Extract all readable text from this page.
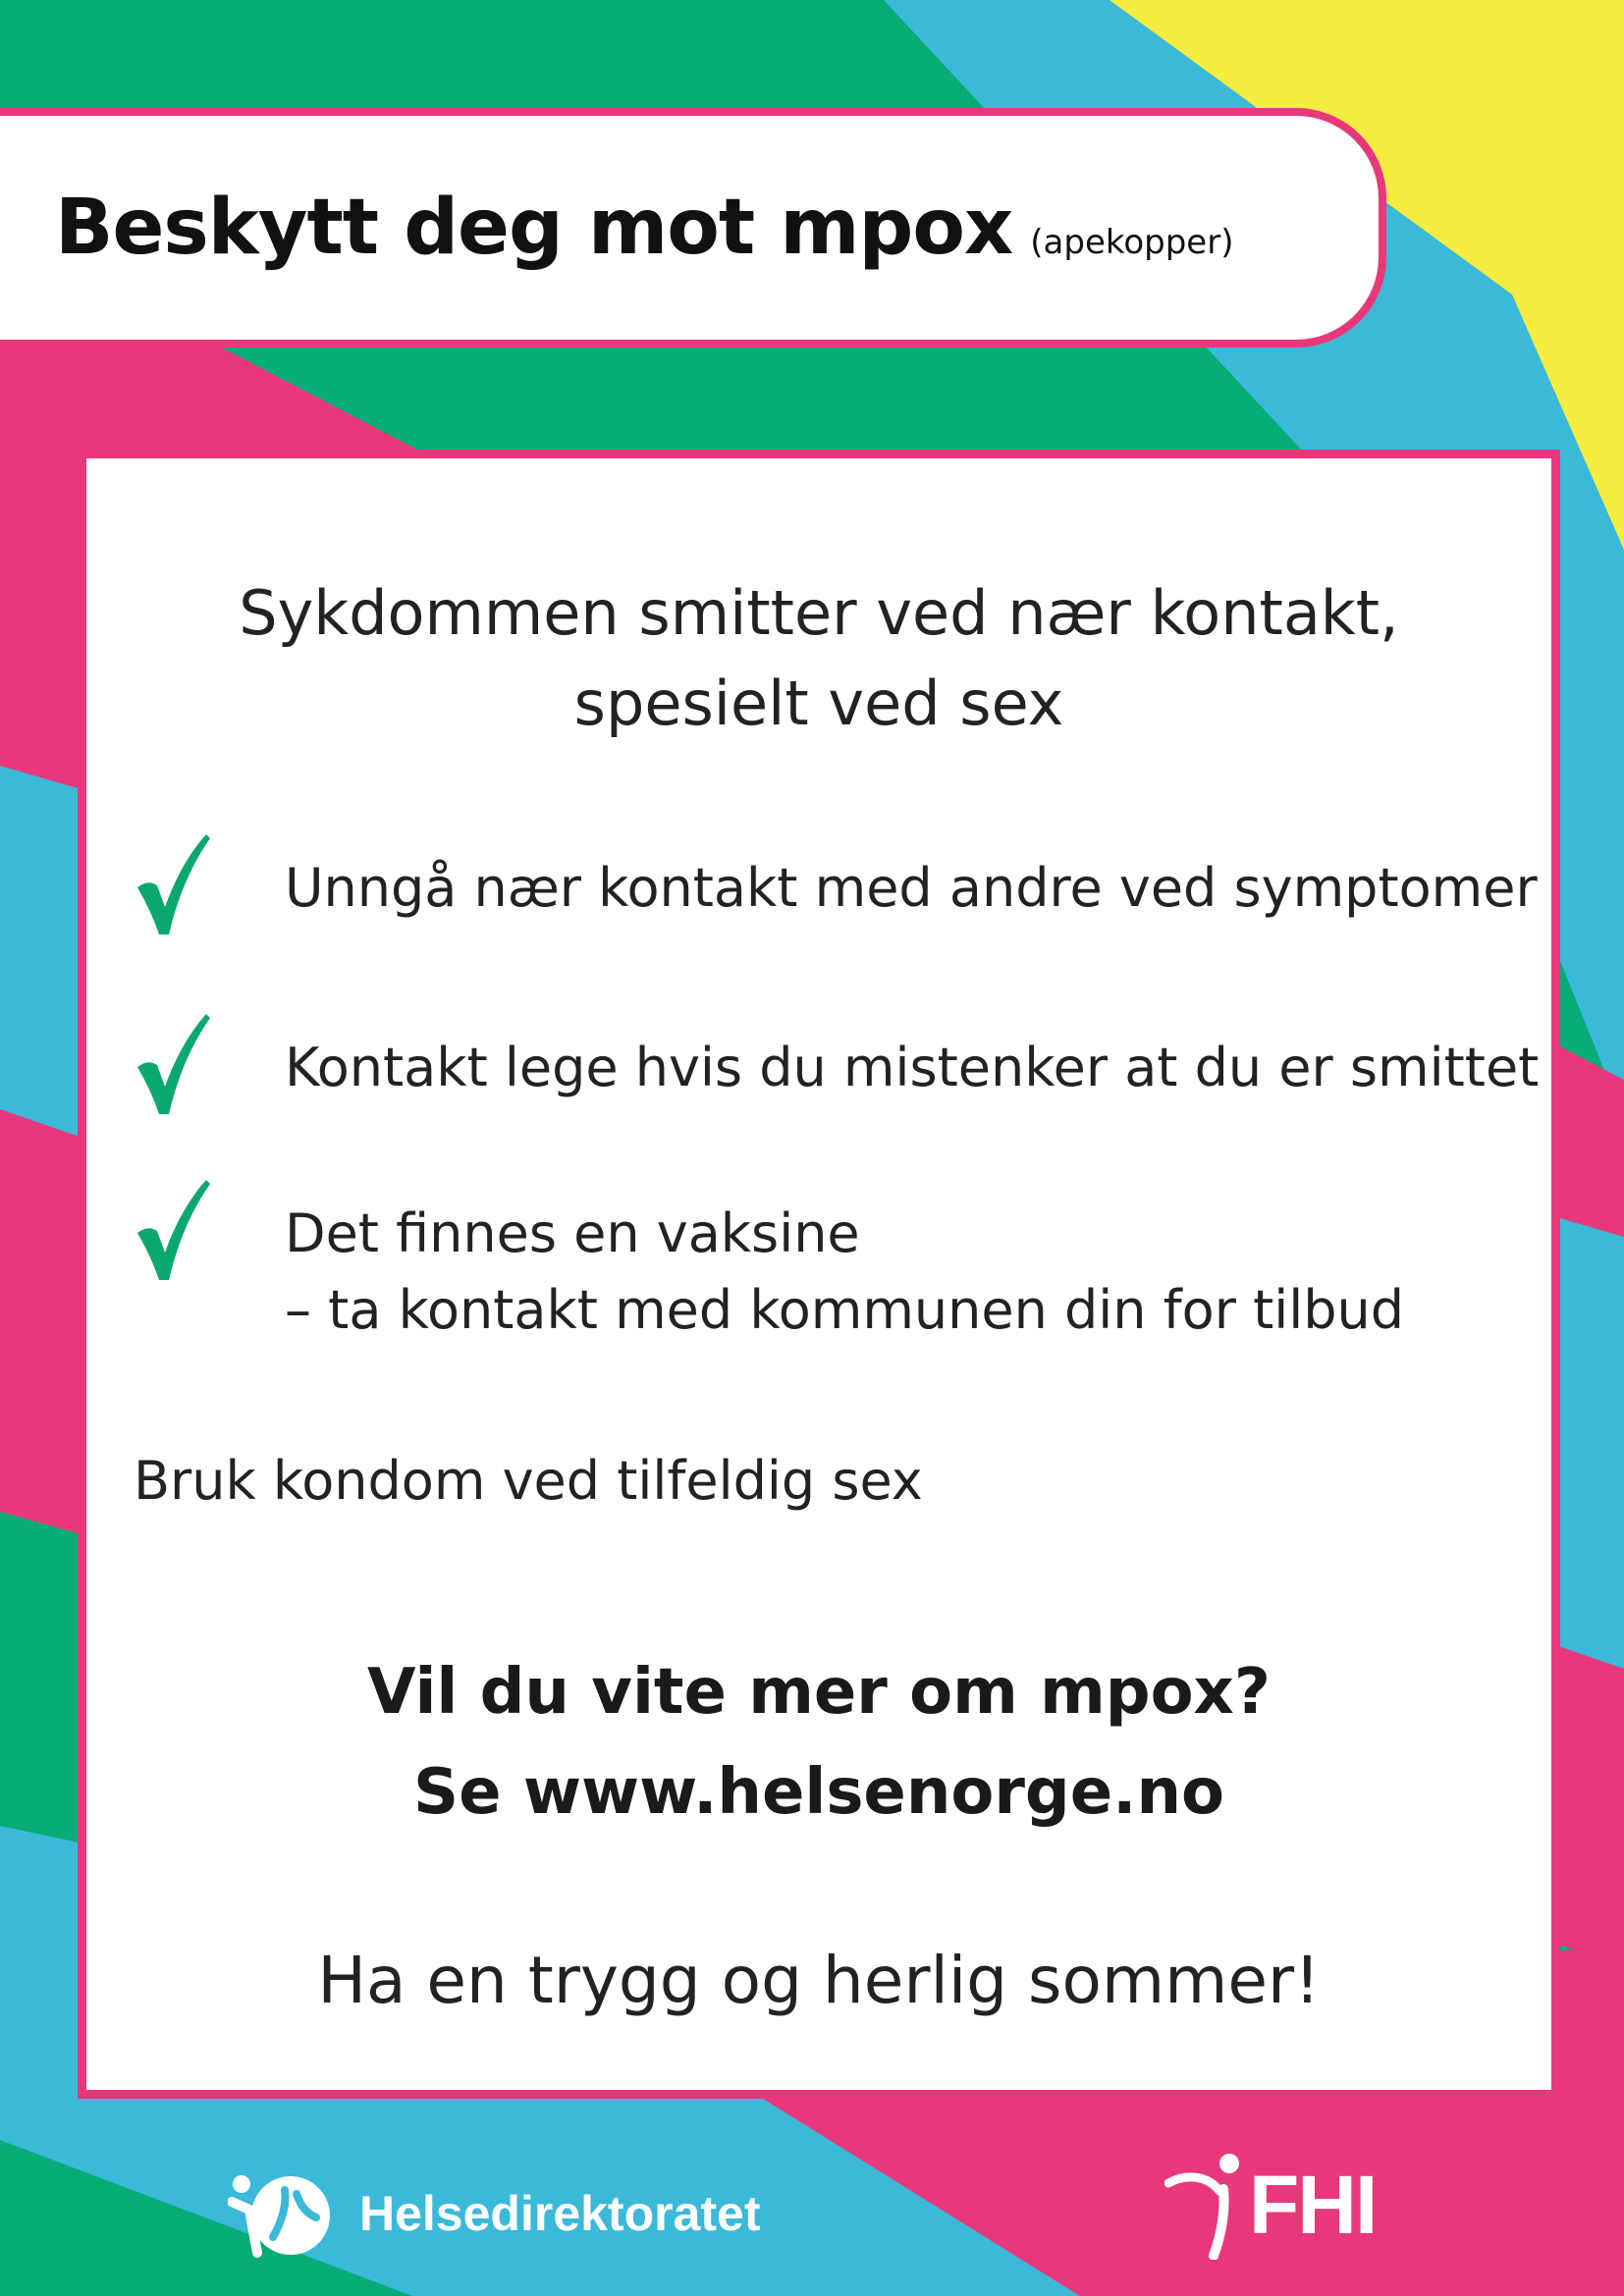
Beskytt deg mot mpox (apekopper)
Sykdommen smitter ved nær kontakt,
spesielt ved sex
Unngå nær kontakt med andre ved symptomer
Kontakt lege hvis du mistenker at du er smittet
Det finnes en vaksine
– ta kontakt med kommunen din for tilbud
Bruk kondom ved tilfeldig sex
Vil du vite mer om mpox?
Se www.helsenorge.no
Ha en trygg og herlig sommer!
Helsedirektoratet	FHI
